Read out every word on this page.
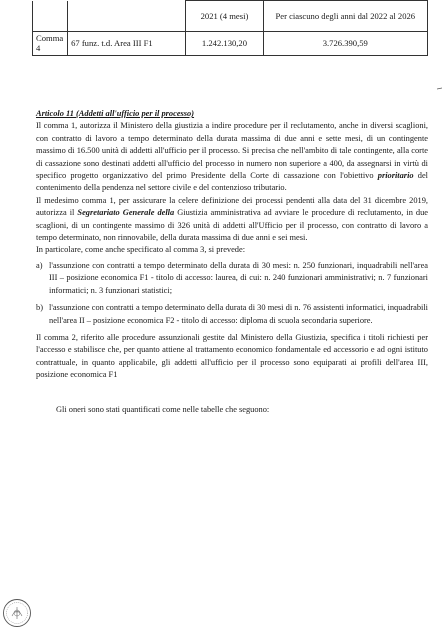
		2021 (4 mesi)	Per ciascuno degli anni dal 2022 al 2026
Comma 4	67 funz. t.d. Area III F1	1.242.130,20	3.726.390,59

Articolo 11 (Addetti all'ufficio per il processo)

Il comma 1, autorizza il Ministero della giustizia a indire procedure per il reclutamento, anche in diversi scaglioni, con contratto di lavoro a tempo determinato della durata massima di due anni e sette mesi, di un contingente massimo di 16.500 unità di addetti all'ufficio per il processo. Si precisa che nell'ambito di tale contingente, alla corte di cassazione sono destinati addetti all'ufficio del processo in numero non superiore a 400, da assegnarsi in virtù di specifico progetto organizzativo del primo Presidente della Corte di cassazione con l'obiettivo prioritario del contenimento della pendenza nel settore civile e del contenzioso tributario.

Il medesimo comma 1, per assicurare la celere definizione dei processi pendenti alla data del 31 dicembre 2019, autorizza il Segretariato Generale della Giustizia amministrativa ad avviare le procedure di reclutamento, in due scaglioni, di un contingente massimo di 326 unità di addetti all'Ufficio per il processo, con contratto di lavoro a tempo determinato, non rinnovabile, della durata massima di due anni e sei mesi.

In particolare, come anche specificato al comma 3, si prevede:

a) l'assunzione con contratti a tempo determinato della durata di 30 mesi: n. 250 funzionari, inquadrabili nell'area III – posizione economica F1 - titolo di accesso: laurea, di cui: n. 240 funzionari amministrativi; n. 7 funzionari informatici; n. 3 funzionari statistici;
b) l'assunzione con contratti a tempo determinato della durata di 30 mesi di n. 76 assistenti informatici, inquadrabili nell'area II – posizione economica F2 - titolo di accesso: diploma di scuola secondaria superiore.

Il comma 2, riferito alle procedure assunzionali gestite dal Ministero della Giustizia, specifica i titoli richiesti per l'accesso e stabilisce che, per quanto attiene al trattamento economico fondamentale ed accessorio e ad ogni istituto contrattuale, in quanto applicabile, gli addetti all'ufficio per il processo sono equiparati ai profili dell'area III, posizione economica F1

Gli oneri sono stati quantificati come nelle tabelle che seguono:
